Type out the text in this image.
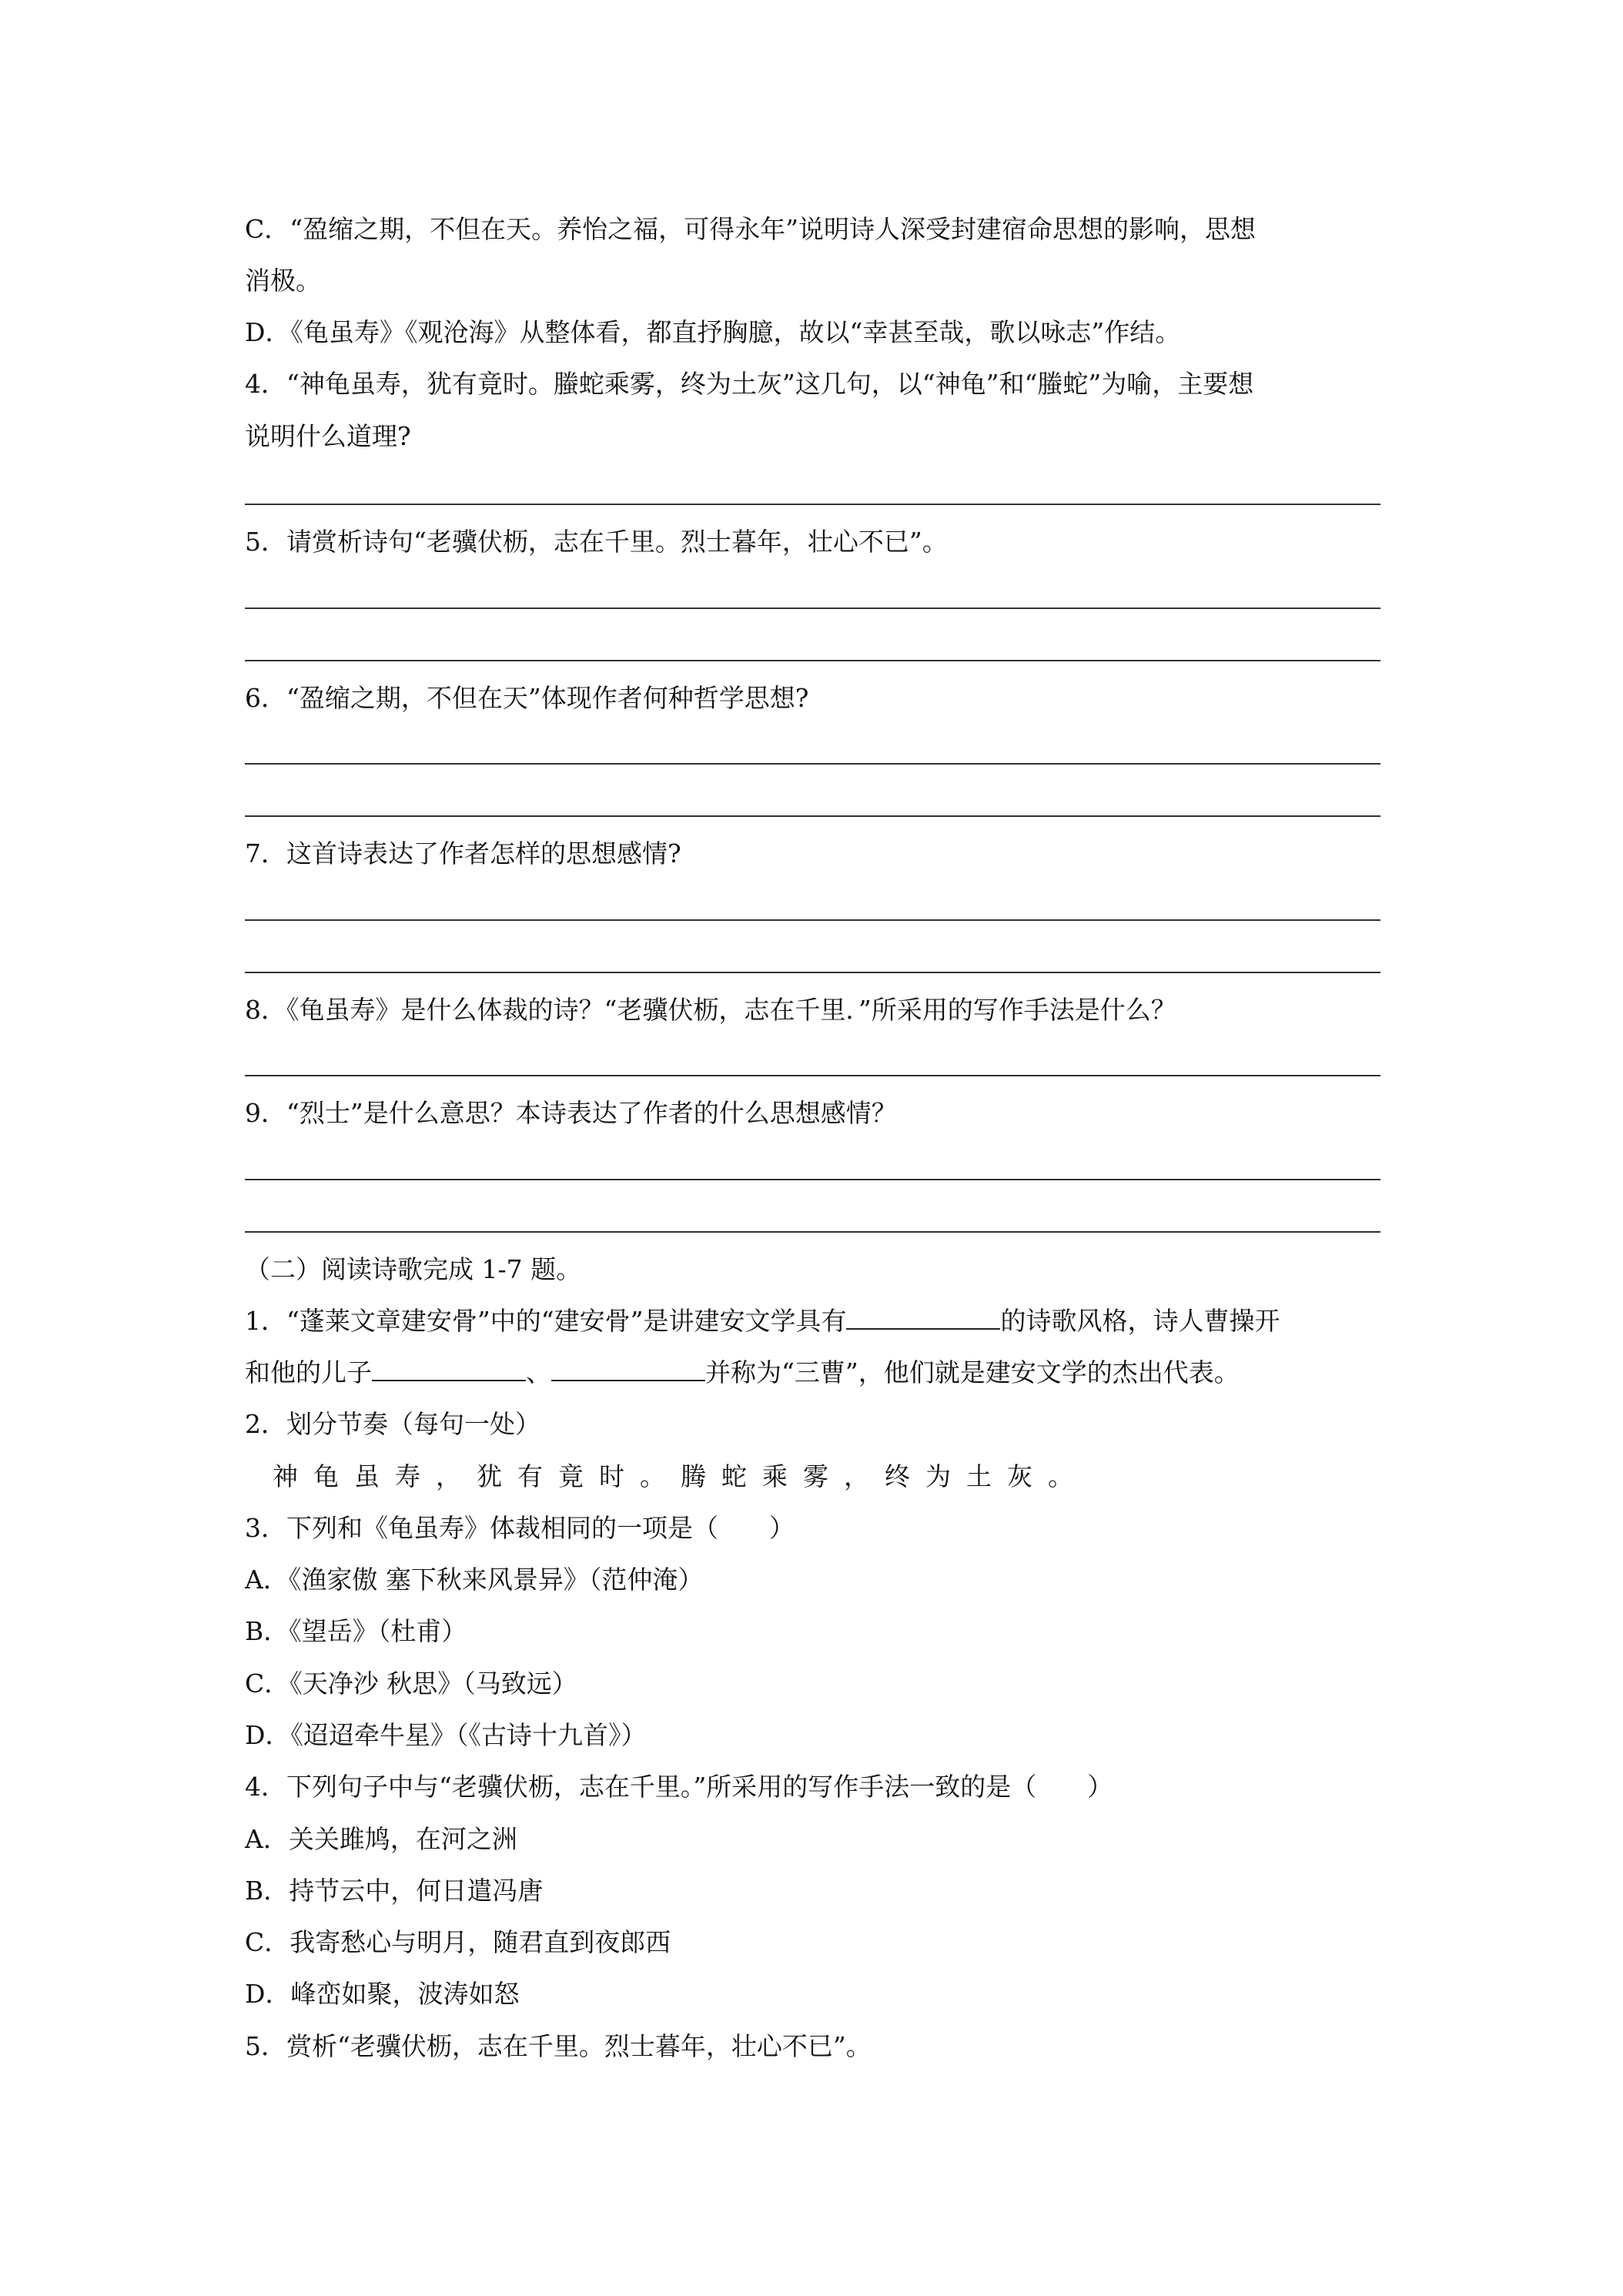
C．“盈缩之期，不但在天。养怡之福，可得永年”说明诗人深受封建宿命思想的影响，思想
消极。
D．《龟虽寿》《观沧海》从整体看，都直抒胸臆，故以“幸甚至哉，歌以咏志”作结。
4．“神龟虽寿，犹有竟时。螣蛇乘雾，终为土灰”这几句，以“神龟”和“螣蛇”为喻，主要想
说明什么道理?
5．请赏析诗句“老骥伏枥，志在千里。烈士暮年，壮心不已”。
6．“盈缩之期，不但在天”体现作者何种哲学思想?
7．这首诗表达了作者怎样的思想感情?
8．《龟虽寿》是什么体裁的诗？“老骥伏枥，志在千里．”所采用的写作手法是什么？
9．“烈士”是什么意思？本诗表达了作者的什么思想感情？
（二）阅读诗歌完成 1-7 题。
1．“蓬莱文章建安骨”中的“建安骨”是讲建安文学具有	的诗歌风格，诗人曹操开
和他的儿子	、	并称为“三曹”，他们就是建安文学的杰出代表。
2．划分节奏（每句一处）
神龟虽寿，犹有竟时。腾蛇乘雾，终为土灰。
3．下列和《龟虽寿》体裁相同的一项是（　　）
A．《渔家傲 塞下秋来风景异》（范仲淹）
B．《望岳》（杜甫）
C．《天净沙 秋思》（马致远）
D．《迢迢牵牛星》（《古诗十九首》）
4．下列句子中与“老骥伏枥，志在千里。”所采用的写作手法一致的是（　　）
A．关关雎鸠，在河之洲
B．持节云中，何日遣冯唐
C．我寄愁心与明月，随君直到夜郎西
D．峰峦如聚，波涛如怒
5．赏析“老骥伏枥，志在千里。烈士暮年，壮心不已”。
